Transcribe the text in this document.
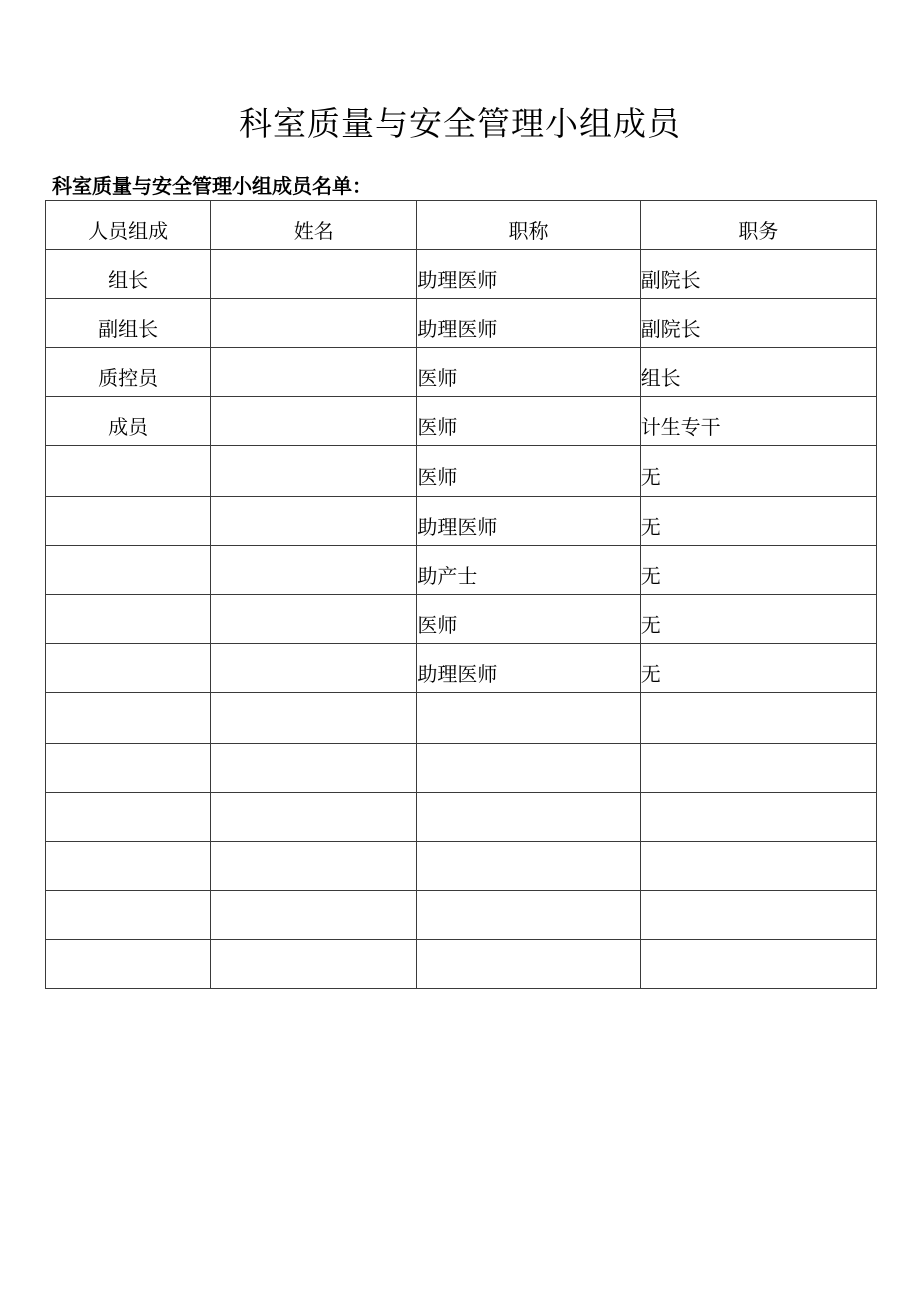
科室质量与安全管理小组成员

科室质量与安全管理小组成员名单：

人员组成	姓名	职称	职务

组长		助理医师	副院长

副组长		助理医师	副院长

质控员		医师	组长

成员		医师	计生专干

		医师	无

		助理医师	无

		助产士	无

		医师	无

		助理医师	无
